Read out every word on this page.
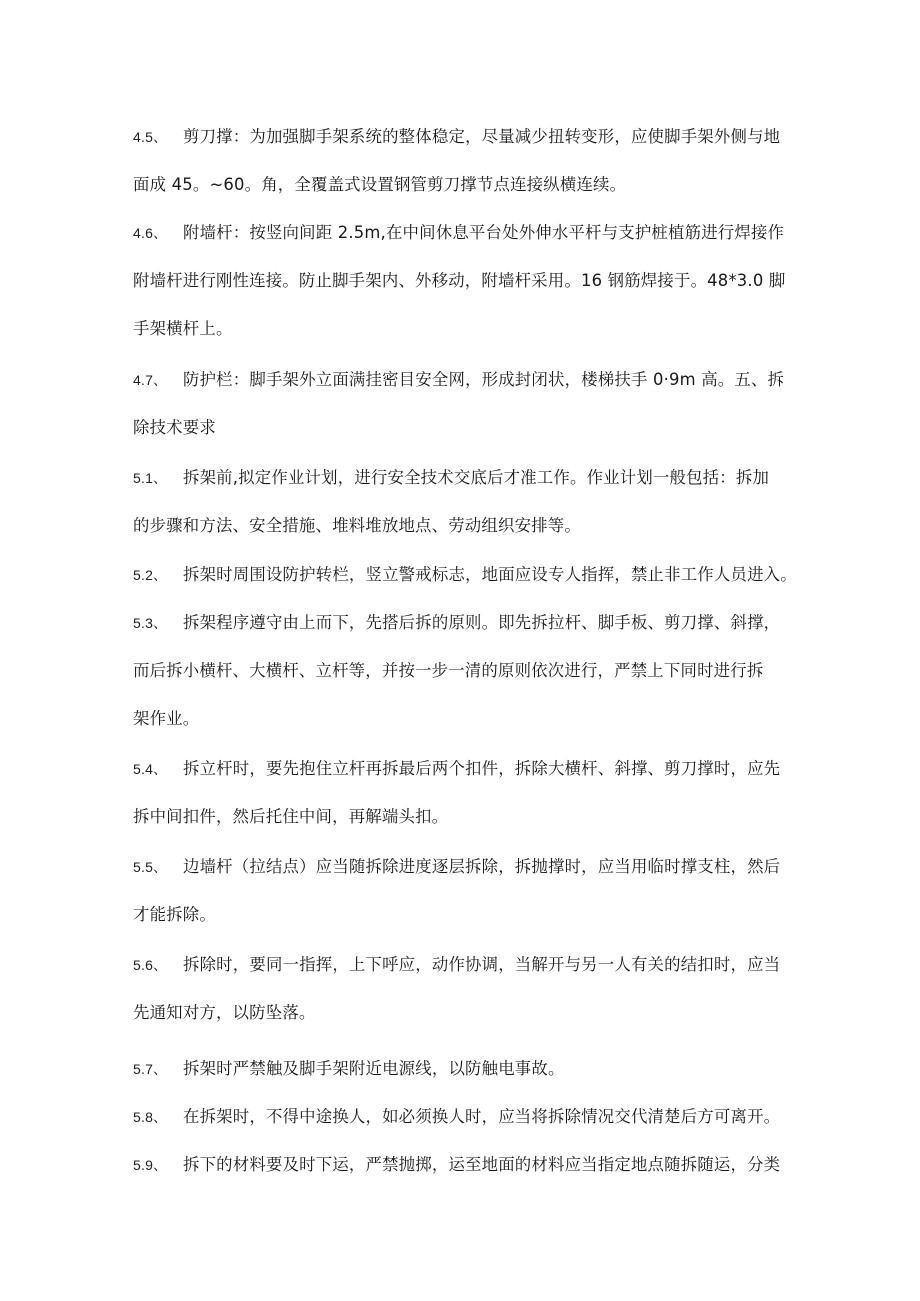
4.5、 剪刀撑：为加强脚手架系统的整体稳定，尽量减少扭转变形，应使脚手架外侧与地
面成 45。~60。角，全覆盖式设置钢管剪刀撑节点连接纵横连续。
4.6、 附墙杆：按竖向间距 2.5m,在中间休息平台处外伸水平杆与支护桩植筋进行焊接作
附墙杆进行刚性连接。防止脚手架内、外移动，附墙杆采用。16 钢筋焊接于。48*3.0 脚
手架横杆上。
4.7、 防护栏：脚手架外立面满挂密目安全网，形成封闭状，楼梯扶手 0·9m 高。五、拆
除技术要求
5.1、 拆架前,拟定作业计划，进行安全技术交底后才准工作。作业计划一般包括：拆加
的步骤和方法、安全措施、堆料堆放地点、劳动组织安排等。
5.2、 拆架时周围设防护转栏，竖立警戒标志，地面应设专人指挥，禁止非工作人员进入。
5.3、 拆架程序遵守由上而下，先搭后拆的原则。即先拆拉杆、脚手板、剪刀撑、斜撑，
而后拆小横杆、大横杆、立杆等，并按一步一清的原则依次进行，严禁上下同时进行拆
架作业。
5.4、 拆立杆时，要先抱住立杆再拆最后两个扣件，拆除大横杆、斜撑、剪刀撑时，应先
拆中间扣件，然后托住中间，再解端头扣。
5.5、 边墙杆（拉结点）应当随拆除进度逐层拆除，拆抛撑时，应当用临时撑支柱，然后
才能拆除。
5.6、 拆除时，要同一指挥，上下呼应，动作协调，当解开与另一人有关的结扣时，应当
先通知对方，以防坠落。
5.7、 拆架时严禁触及脚手架附近电源线，以防触电事故。
5.8、 在拆架时，不得中途换人，如必须换人时，应当将拆除情况交代清楚后方可离开。
5.9、 拆下的材料要及时下运，严禁抛掷，运至地面的材料应当指定地点随拆随运，分类
